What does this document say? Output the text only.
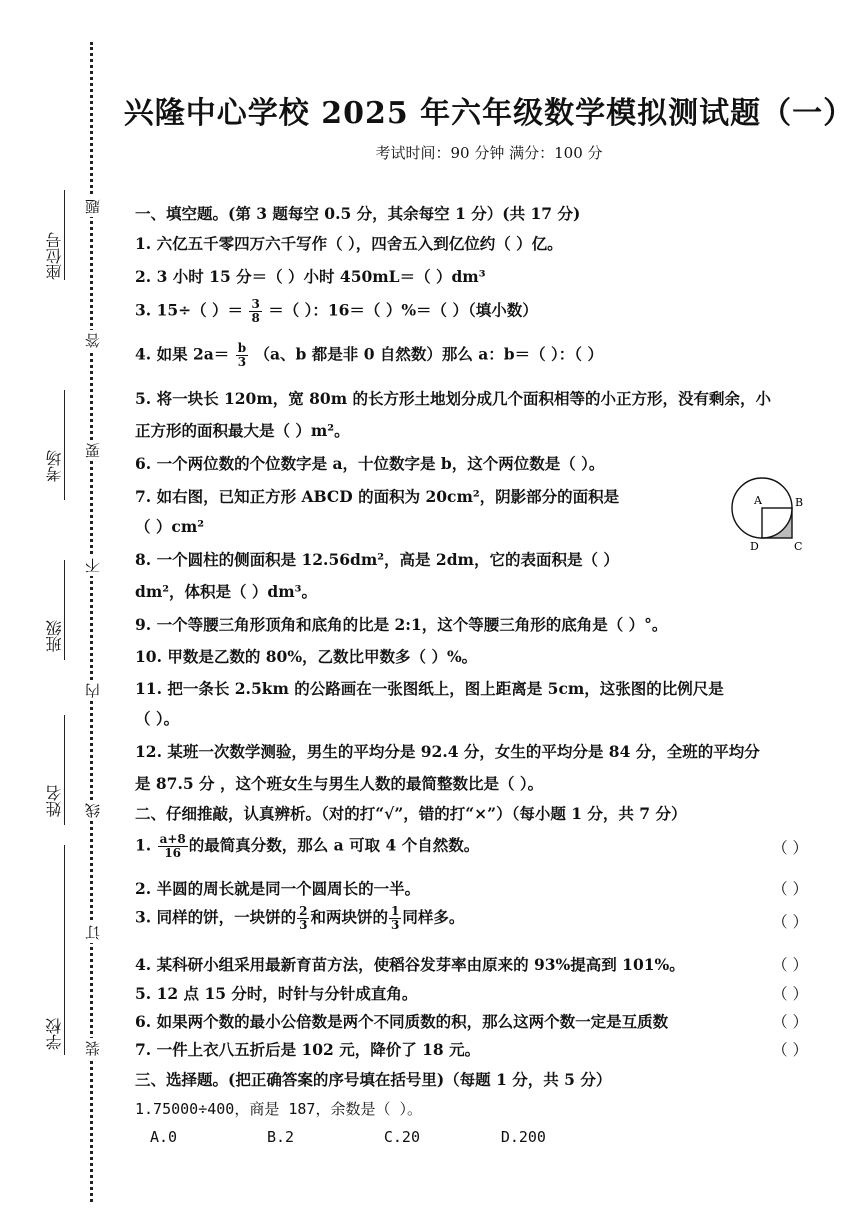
座位号
考场
班级
姓名
学校
题
答
要
不
内
线
订
装
兴隆中心学校 2025 年六年级数学模拟测试题（一）
考试时间：90 分钟 满分：100 分
一、填空题。(第 3 题每空 0.5 分，其余每空 1 分）(共 17 分)
1. 六亿五千零四万六千写作（ ），四舍五入到亿位约（ ）亿。
2. 3 小时 15 分＝（ ）小时 450mL＝（ ）dm³
3. 15÷（ ）＝ $\frac{3}{8}$ ＝（ ）：16＝（ ）%＝（ ）（填小数）
4. 如果 $2a= \frac{b}{3} (a$、b 都是非 0 自然数）那么 a：b＝（ ）：（ ）
5. 将一块长 120m，宽 80m 的长方形土地划分成几个面积相等的小正方形，没有剩余，小
正方形的面积最大是（ ）m²。
6. 一个两位数的个位数字是 a，十位数字是 b，这个两位数是（ ）。
7. 如右图，已知正方形 ABCD 的面积为 20cm²，阴影部分的面积是
（ ）cm²
A	B
C
D
8. 一个圆柱的侧面积是 12.56dm²，高是 2dm，它的表面积是（ ）
dm²，体积是（ ）dm³。
9. 一个等腰三角形顶角和底角的比是 2:1，这个等腰三角形的底角是（ ）°。
10. 甲数是乙数的 80%，乙数比甲数多（ ）%。
11. 把一条长 2.5km 的公路画在一张图纸上，图上距离是 5cm，这张图的比例尺是
（ ）。
12. 某班一次数学测验，男生的平均分是 92.4 分，女生的平均分是 84 分，全班的平均分
是 87.5 分 ，这个班女生与男生人数的最简整数比是（ ）。
二、仔细推敲，认真辨析。（对的打“√”，错的打“×”）（每小题 1 分，共 7 分）
1. $\frac{a+8}{16}$ 的最简真分数，那么 a 可取 4 个自然数。	（ ）
2. 半圆的周长就是同一个圆周长的一半。	（ ）
3. 同样的饼，一块饼的 $\frac{2}{3}$ 和两块饼的 $\frac{1}{3}$ 同样多。	（ ）
4. 某科研小组采用最新育苗方法，使稻谷发芽率由原来的 93%提高到 101%。	（ ）
5. 12 点 15 分时，时针与分针成直角。	（ ）
6. 如果两个数的最小公倍数是两个不同质数的积，那么这两个数一定是互质数	（ ）
7. 一件上衣八五折后是 102 元，降价了 18 元。	（ ）
三、选择题。(把正确答案的序号填在括号里)（每题 1 分，共 5 分）
1.75000÷400，商是 187，余数是（ ）。
A.0	B.2	C.20	D.200
